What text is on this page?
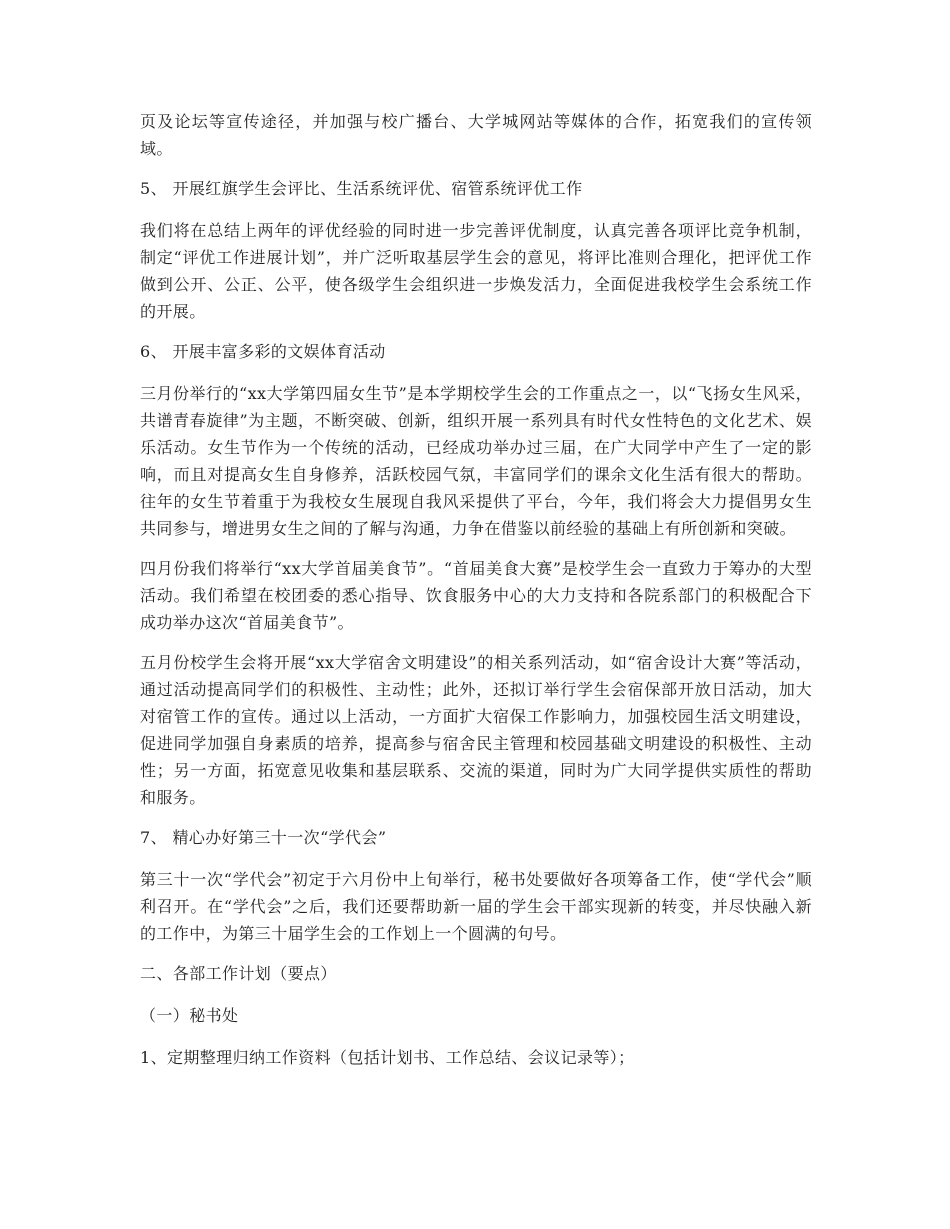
页及论坛等宣传途径，并加强与校广播台、大学城网站等媒体的合作，拓宽我们的宣传领域。

5、 开展红旗学生会评比、生活系统评优、宿管系统评优工作

我们将在总结上两年的评优经验的同时进一步完善评优制度，认真完善各项评比竞争机制，制定“评优工作进展计划”，并广泛听取基层学生会的意见，将评比准则合理化，把评优工作做到公开、公正、公平，使各级学生会组织进一步焕发活力，全面促进我校学生会系统工作的开展。

6、 开展丰富多彩的文娱体育活动

三月份举行的“xx大学第四届女生节”是本学期校学生会的工作重点之一，以“飞扬女生风采，共谱青春旋律”为主题，不断突破、创新，组织开展一系列具有时代女性特色的文化艺术、娱乐活动。女生节作为一个传统的活动，已经成功举办过三届，在广大同学中产生了一定的影响，而且对提高女生自身修养，活跃校园气氛，丰富同学们的课余文化生活有很大的帮助。往年的女生节着重于为我校女生展现自我风采提供了平台，今年，我们将会大力提倡男女生共同参与，增进男女生之间的了解与沟通，力争在借鉴以前经验的基础上有所创新和突破。

四月份我们将举行“xx大学首届美食节”。“首届美食大赛”是校学生会一直致力于筹办的大型活动。我们希望在校团委的悉心指导、饮食服务中心的大力支持和各院系部门的积极配合下成功举办这次“首届美食节”。

五月份校学生会将开展“xx大学宿舍文明建设”的相关系列活动，如“宿舍设计大赛”等活动，通过活动提高同学们的积极性、主动性；此外，还拟订举行学生会宿保部开放日活动，加大对宿管工作的宣传。通过以上活动，一方面扩大宿保工作影响力，加强校园生活文明建设，促进同学加强自身素质的培养，提高参与宿舍民主管理和校园基础文明建设的积极性、主动性；另一方面，拓宽意见收集和基层联系、交流的渠道，同时为广大同学提供实质性的帮助和服务。

7、 精心办好第三十一次“学代会”

第三十一次“学代会”初定于六月份中上旬举行，秘书处要做好各项筹备工作，使“学代会”顺利召开。在“学代会”之后，我们还要帮助新一届的学生会干部实现新的转变，并尽快融入新的工作中，为第三十届学生会的工作划上一个圆满的句号。

二、各部工作计划（要点）

（一）秘书处

1、定期整理归纳工作资料（包括计划书、工作总结、会议记录等）；
